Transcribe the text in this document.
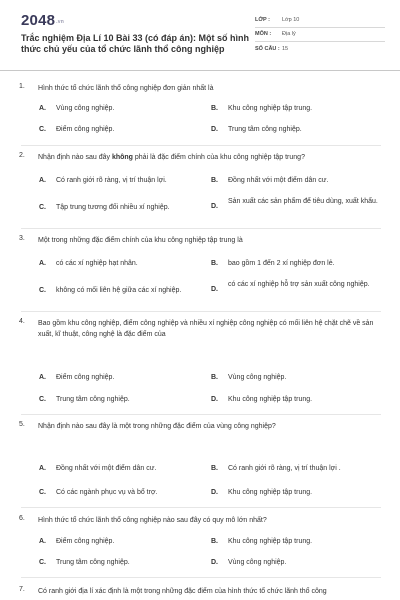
$2048^{.vn}$
Trắc nghiệm Địa Lí 10 Bài 33 (có đáp án): Một số hình thức chủ yếu của tổ chức lãnh thổ công nghiệp
LỚP : Lớp 10
MÔN : Địa lý
SỐ CÂU : 15
1. Hình thức tổ chức lãnh thổ công nghiệp đơn giản nhất là
A. Vùng công nghiệp.	B. Khu công nghiệp tập trung.
C. Điểm công nghiệp.	D. Trung tâm công nghiệp.
2. Nhận định nào sau đây không phải là đặc điểm chính của khu công nghiệp tập trung?
A. Có ranh giới rõ ràng, vị trí thuận lợi.	B. Đồng nhất với một điểm dân cư.
C. Tập trung tương đối nhiều xí nghiệp.	D.
Sản xuất các sản phẩm để tiêu dùng, xuất khẩu.
3. Một trong những đặc điểm chính của khu công nghiệp tập trung là
A. có các xí nghiệp hạt nhân.	B. bao gồm 1 đến 2 xí nghiệp đơn lẻ.
C. không có mối liên hệ giữa các xí nghiệp.	D.
có các xí nghiệp hỗ trợ sản xuất công nghiệp.
4. Bao gồm khu công nghiệp, điểm công nghiệp và nhiều xí nghiệp công nghiệp có mối liên hệ chặt chẽ về sản xuất, kĩ thuật, công nghệ là đặc điểm của
A. Điểm công nghiệp.	B. Vùng công nghiệp.
C. Trung tâm công nghiệp.	D. Khu công nghiệp tập trung.
5. Nhận định nào sau đây là một trong những đặc điểm của vùng công nghiệp?
A. Đồng nhất với một điểm dân cư.	B. Có ranh giới rõ ràng, vị trí thuận lợi .
C. Có các ngành phục vụ và bổ trợ.	D. Khu công nghiệp tập trung.
6. Hình thức tổ chức lãnh thổ công nghiệp nào sau đây có quy mô lớn nhất?
A. Điểm công nghiệp.	B. Khu công nghiệp tập trung.
C. Trung tâm công nghiệp.	D. Vùng công nghiệp.
7. Có ranh giới địa lí xác định là một trong những đặc điểm của hình thức tổ chức lãnh thổ công
